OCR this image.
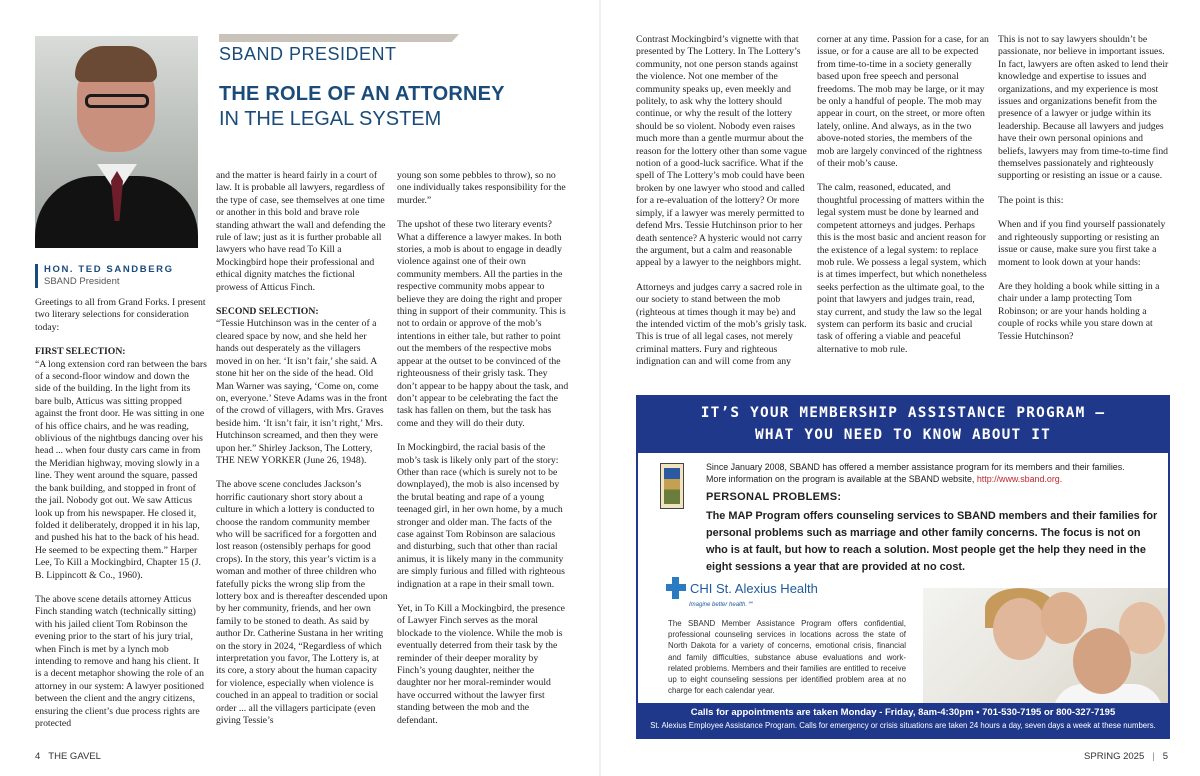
HON. TED SANDBERG
SBAND President
SBAND PRESIDENT
THE ROLE OF AN ATTORNEY
IN THE LEGAL SYSTEM

Greetings to all from Grand Forks. I present two literary selections for consideration today:

FIRST SELECTION:

“A long extension cord ran between the bars of a second-floor window and down the side of the building. In the light from its bare bulb, Atticus was sitting propped against the front door. He was sitting in one of his office chairs, and he was reading, oblivious of the nightbugs dancing over his head ... when four dusty cars came in from the Meridian highway, moving slowly in a line. They went around the square, passed the bank building, and stopped in front of the jail. Nobody got out. We saw Atticus look up from his newspaper. He closed it, folded it deliberately, dropped it in his lap, and pushed his hat to the back of his head. He seemed to be expecting them.” Harper Lee, To Kill a Mockingbird, Chapter 15 (J. B. Lippincott & Co., 1960).

The above scene details attorney Atticus Finch standing watch (technically sitting) with his jailed client Tom Robinson the evening prior to the start of his jury trial, when Finch is met by a lynch mob intending to remove and hang his client. It is a decent metaphor showing the role of an attorney in our system: A lawyer positioned between the client and the angry citizens, ensuring the client’s due process rights are protected

and the matter is heard fairly in a court of law. It is probable all lawyers, regardless of the type of case, see themselves at one time or another in this bold and brave role standing athwart the wall and defending the rule of law; just as it is further probable all lawyers who have read To Kill a Mockingbird hope their professional and ethical dignity matches the fictional prowess of Atticus Finch.

SECOND SELECTION:

“Tessie Hutchinson was in the center of a cleared space by now, and she held her hands out desperately as the villagers moved in on her. ‘It isn’t fair,’ she said. A stone hit her on the side of the head. Old Man Warner was saying, ‘Come on, come on, everyone.’ Steve Adams was in the front of the crowd of villagers, with Mrs. Graves beside him. ‘It isn’t fair, it isn’t right,’ Mrs. Hutchinson screamed, and then they were upon her.” Shirley Jackson, The Lottery, THE NEW YORKER (June 26, 1948).

The above scene concludes Jackson’s horrific cautionary short story about a culture in which a lottery is conducted to choose the random community member who will be sacrificed for a forgotten and lost reason (ostensibly perhaps for good crops). In the story, this year’s victim is a woman and mother of three children who fatefully picks the wrong slip from the lottery box and is thereafter descended upon by her community, friends, and her own family to be stoned to death. As said by author Dr. Catherine Sustana in her writing on the story in 2024, “Regardless of which interpretation you favor, The Lottery is, at its core, a story about the human capacity for violence, especially when violence is couched in an appeal to tradition or social order ... all the villagers participate (even giving Tessie’s

young son some pebbles to throw), so no one individually takes responsibility for the murder.”

The upshot of these two literary events? What a difference a lawyer makes. In both stories, a mob is about to engage in deadly violence against one of their own community members. All the parties in the respective community mobs appear to believe they are doing the right and proper thing in support of their community. This is not to ordain or approve of the mob’s intentions in either tale, but rather to point out the members of the respective mobs appear at the outset to be convinced of the righteousness of their grisly task. They don’t appear to be happy about the task, and don’t appear to be celebrating the fact the task has fallen on them, but the task has come and they will do their duty.

In Mockingbird, the racial basis of the mob’s task is likely only part of the story: Other than race (which is surely not to be downplayed), the mob is also incensed by the brutal beating and rape of a young teenaged girl, in her own home, by a much stronger and older man. The facts of the case against Tom Robinson are salacious and disturbing, such that other than racial animus, it is likely many in the community are simply furious and filled with righteous indignation at a rape in their small town.

Yet, in To Kill a Mockingbird, the presence of Lawyer Finch serves as the moral blockade to the violence. While the mob is eventually deterred from their task by the reminder of their deeper morality by Finch’s young daughter, neither the daughter nor her moral-reminder would have occurred without the lawyer first standing between the mob and the defendant.

4 THE GAVEL

Contrast Mockingbird’s vignette with that presented by The Lottery. In The Lottery’s community, not one person stands against the violence. Not one member of the community speaks up, even meekly and politely, to ask why the lottery should continue, or why the result of the lottery should be so violent. Nobody even raises much more than a gentle murmur about the reason for the lottery other than some vague notion of a good-luck sacrifice. What if the spell of The Lottery’s mob could have been broken by one lawyer who stood and called for a re-evaluation of the lottery? Or more simply, if a lawyer was merely permitted to defend Mrs. Tessie Hutchinson prior to her death sentence? A hysteric would not carry the argument, but a calm and reasonable appeal by a lawyer to the neighbors might.

Attorneys and judges carry a sacred role in our society to stand between the mob (righteous at times though it may be) and the intended victim of the mob’s grisly task. This is true of all legal cases, not merely criminal matters. Fury and righteous indignation can and will come from any

corner at any time. Passion for a case, for an issue, or for a cause are all to be expected from time-to-time in a society generally based upon free speech and personal freedoms. The mob may be large, or it may be only a handful of people. The mob may appear in court, on the street, or more often lately, online. And always, as in the two above-noted stories, the members of the mob are largely convinced of the rightness of their mob’s cause.

The calm, reasoned, educated, and thoughtful processing of matters within the legal system must be done by learned and competent attorneys and judges. Perhaps this is the most basic and ancient reason for the existence of a legal system: to replace mob rule. We possess a legal system, which is at times imperfect, but which nonetheless seeks perfection as the ultimate goal, to the point that lawyers and judges train, read, stay current, and study the law so the legal system can perform its basic and crucial task of offering a viable and peaceful alternative to mob rule.

This is not to say lawyers shouldn’t be passionate, nor believe in important issues. In fact, lawyers are often asked to lend their knowledge and expertise to issues and organizations, and my experience is most issues and organizations benefit from the presence of a lawyer or judge within its leadership. Because all lawyers and judges have their own personal opinions and beliefs, lawyers may from time-to-time find themselves passionately and righteously supporting or resisting an issue or a cause.

The point is this:

When and if you find yourself passionately and righteously supporting or resisting an issue or cause, make sure you first take a moment to look down at your hands:

Are they holding a book while sitting in a chair under a lamp protecting Tom Robinson; or are your hands holding a couple of rocks while you stare down at Tessie Hutchinson?

IT’S YOUR MEMBERSHIP ASSISTANCE PROGRAM –
WHAT YOU NEED TO KNOW ABOUT IT
Since January 2008, SBAND has offered a member assistance program for its members and their families. More information on the program is available at the SBAND website, http://www.sband.org.
PERSONAL PROBLEMS:
The MAP Program offers counseling services to SBAND members and their families for personal problems such as marriage and other family concerns. The focus is not on who is at fault, but how to reach a solution. Most people get the help they need in the eight sessions a year that are provided at no cost.
CHI St. Alexius Health
Imagine better health.℠
The SBAND Member Assistance Program offers confidential, professional counseling services in locations across the state of North Dakota for a variety of concerns, emotional crisis, financial and family difficulties, substance abuse evaluations and work-related problems. Members and their families are entitled to receive up to eight counseling sessions per identified problem area at no charge for each calendar year.
Calls for appointments are taken Monday - Friday, 8am-4:30pm • 701-530-7195 or 800-327-7195
St. Alexius Employee Assistance Program. Calls for emergency or crisis situations are taken 24 hours a day, seven days a week at these numbers.
SPRING 2025 | 5
